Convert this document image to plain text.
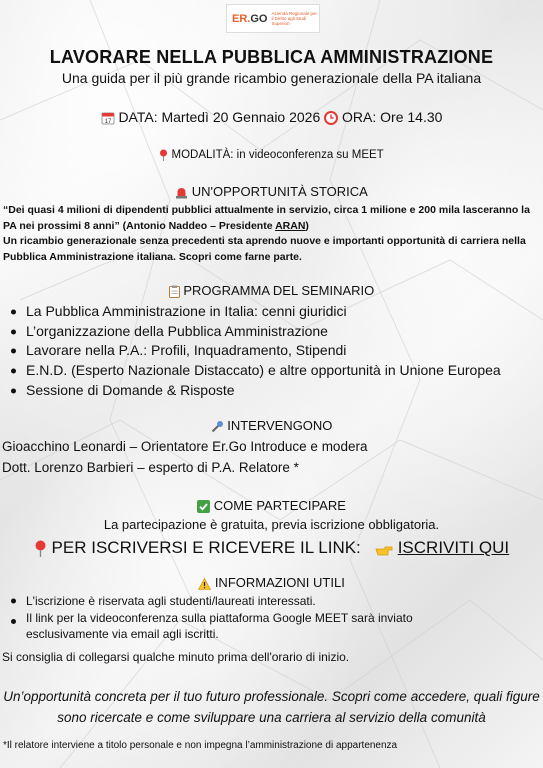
ER.GO Azienda Regionale per il Diritto agli Studi Superiori
LAVORARE NELLA PUBBLICA AMMINISTRAZIONE
Una guida per il più grande ricambio generazionale della PA italiana
17 DATA: Martedì 20 Gennaio 2026 ORA: Ore 14.30
MODALITÀ: in videoconferenza su MEET
UN'OPPORTUNITÀ STORICA
“Dei quasi 4 milioni di dipendenti pubblici attualmente in servizio, circa 1 milione e 200 mila lasceranno la PA nei prossimi 8 anni” (Antonio Naddeo – Presidente ARAN)
Un ricambio generazionale senza precedenti sta aprendo nuove e importanti opportunità di carriera nella Pubblica Amministrazione italiana. Scopri come farne parte.
PROGRAMMA DEL SEMINARIO
La Pubblica Amministrazione in Italia: cenni giuridici
L’organizzazione della Pubblica Amministrazione
Lavorare nella P.A.: Profili, Inquadramento, Stipendi
E.N.D. (Esperto Nazionale Distaccato) e altre opportunità in Unione Europea
Sessione di Domande & Risposte
INTERVENGONO
Gioacchino Leonardi – Orientatore Er.Go Introduce e modera
Dott. Lorenzo Barbieri – esperto di P.A. Relatore *
COME PARTECIPARE
La partecipazione è gratuita, previa iscrizione obbligatoria.
PER ISCRIVERSI E RICEVERE IL LINK: ISCRIVITI QUI
INFORMAZIONI UTILI
L'iscrizione è riservata agli studenti/laureati interessati.
Il link per la videoconferenza sulla piattaforma Google MEET sarà inviato esclusivamente via email agli iscritti.
Si consiglia di collegarsi qualche minuto prima dell'orario di inizio.
Un’opportunità concreta per il tuo futuro professionale. Scopri come accedere, quali figure sono ricercate e come sviluppare una carriera al servizio della comunità
*Il relatore interviene a titolo personale e non impegna l’amministrazione di appartenenza
